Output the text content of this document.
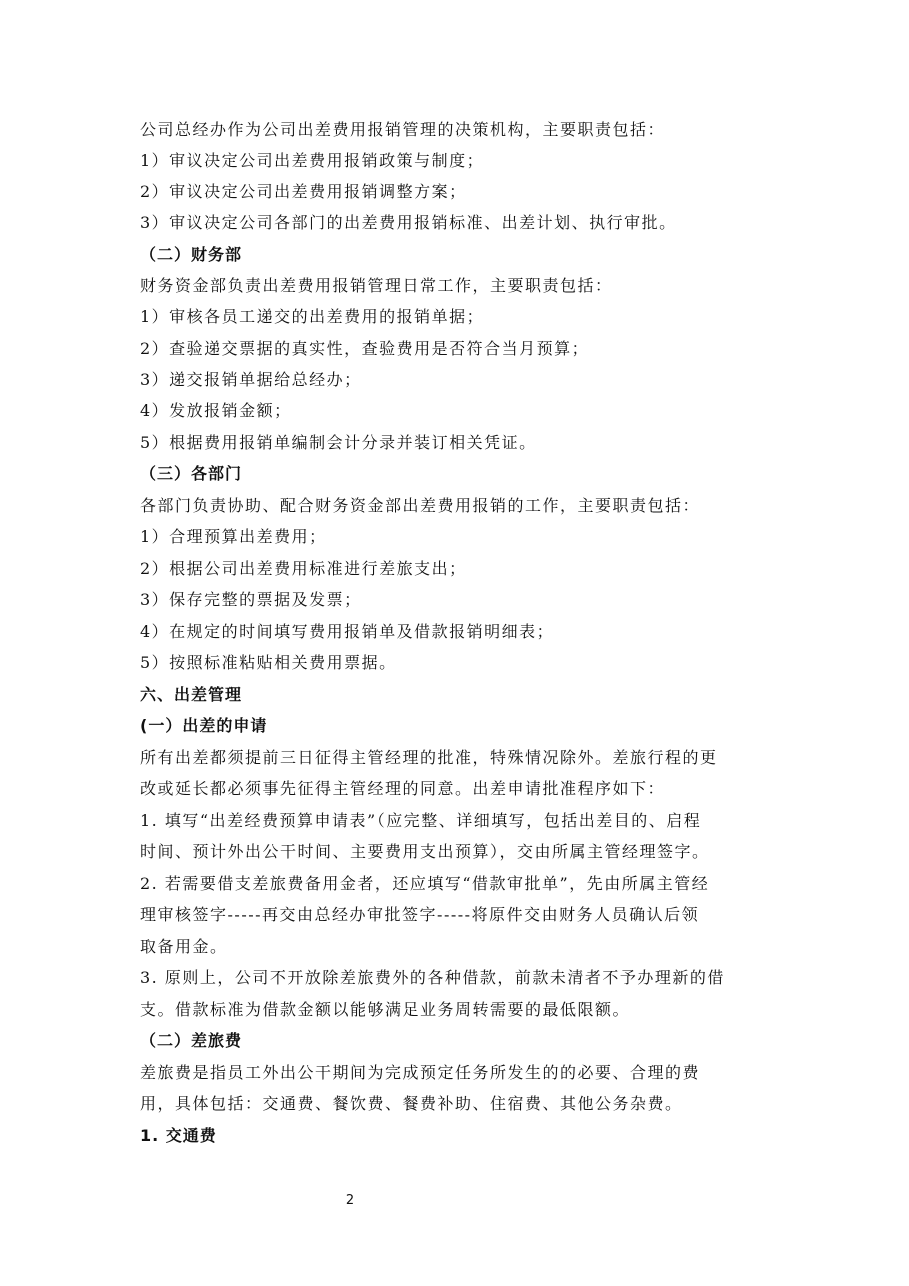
公司总经办作为公司出差费用报销管理的决策机构，主要职责包括：
1）审议决定公司出差费用报销政策与制度；
2）审议决定公司出差费用报销调整方案；
3）审议决定公司各部门的出差费用报销标准、出差计划、执行审批。
（二）财务部
财务资金部负责出差费用报销管理日常工作，主要职责包括：
1）审核各员工递交的出差费用的报销单据；
2）查验递交票据的真实性，查验费用是否符合当月预算；
3）递交报销单据给总经办；
4）发放报销金额；
5）根据费用报销单编制会计分录并装订相关凭证。
（三）各部门
各部门负责协助、配合财务资金部出差费用报销的工作，主要职责包括：
1）合理预算出差费用；
2）根据公司出差费用标准进行差旅支出；
3）保存完整的票据及发票；
4）在规定的时间填写费用报销单及借款报销明细表；
5）按照标准粘贴相关费用票据。
六、出差管理
(一）出差的申请
所有出差都须提前三日征得主管经理的批准，特殊情况除外。差旅行程的更
改或延长都必须事先征得主管经理的同意。出差申请批准程序如下：
1. 填写“出差经费预算申请表”（应完整、详细填写，包括出差目的、启程
时间、预计外出公干时间、主要费用支出预算），交由所属主管经理签字。
2. 若需要借支差旅费备用金者，还应填写“借款审批单”，先由所属主管经
理审核签字-----再交由总经办审批签字-----将原件交由财务人员确认后领
取备用金。
3. 原则上，公司不开放除差旅费外的各种借款，前款未清者不予办理新的借
支。借款标准为借款金额以能够满足业务周转需要的最低限额。
（二）差旅费
差旅费是指员工外出公干期间为完成预定任务所发生的的必要、合理的费
用，具体包括：交通费、餐饮费、餐费补助、住宿费、其他公务杂费。
1. 交通费
2
